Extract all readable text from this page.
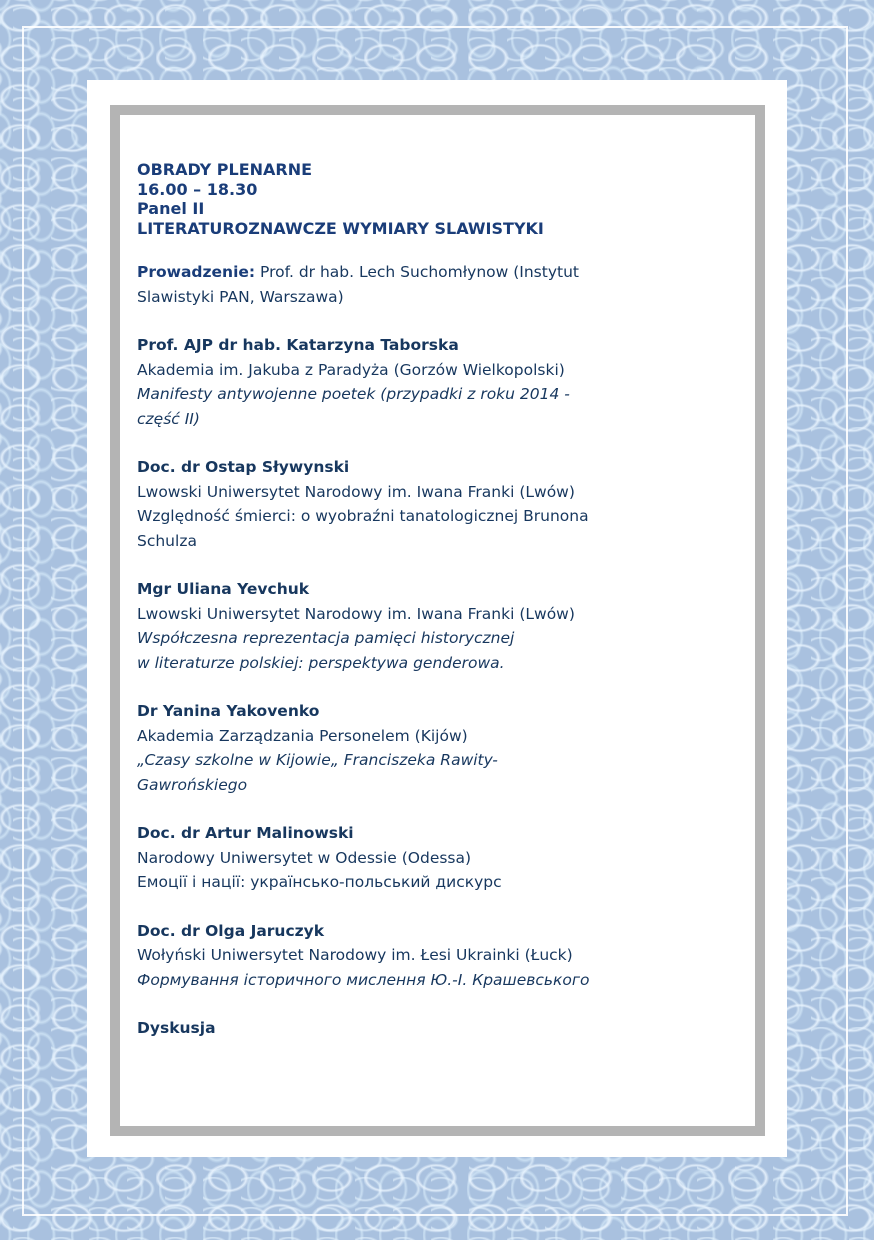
OBRADY PLENARNE
16.00 – 18.30
Panel II
LITERATUROZNAWCZE WYMIARY SLAWISTYKI

Prowadzenie: Prof. dr hab. Lech Suchomłynow (Instytut

Slawistyki PAN, Warszawa)

Prof. AJP dr hab. Katarzyna Taborska

Akademia im. Jakuba z Paradyża (Gorzów Wielkopolski)

Manifesty antywojenne poetek (przypadki z roku 2014 -

część II)

Doc. dr Ostap Sływynski

Lwowski Uniwersytet Narodowy im. Iwana Franki (Lwów)

Względność śmierci: o wyobraźni tanatologicznej Brunona

Schulza

Mgr Uliana Yevchuk

Lwowski Uniwersytet Narodowy im. Iwana Franki (Lwów)

Współczesna reprezentacja pamięci historycznej

w literaturze polskiej: perspektywa genderowa.

Dr Yanina Yakovenko

Akademia Zarządzania Personelem (Kijów)

„Czasy szkolne w Kijowie„ Franciszeka Rawity-

Gawrońskiego

Doc. dr Artur Malinowski

Narodowy Uniwersytet w Odessie (Odessa)

Емоції і нації: українсько-польський дискурс

Doc. dr Olga Jaruczyk

Wołyński Uniwersytet Narodowy im. Łesi Ukrainki (Łuck)

Формування історичного мислення Ю.-І. Крашевського

Dyskusja
